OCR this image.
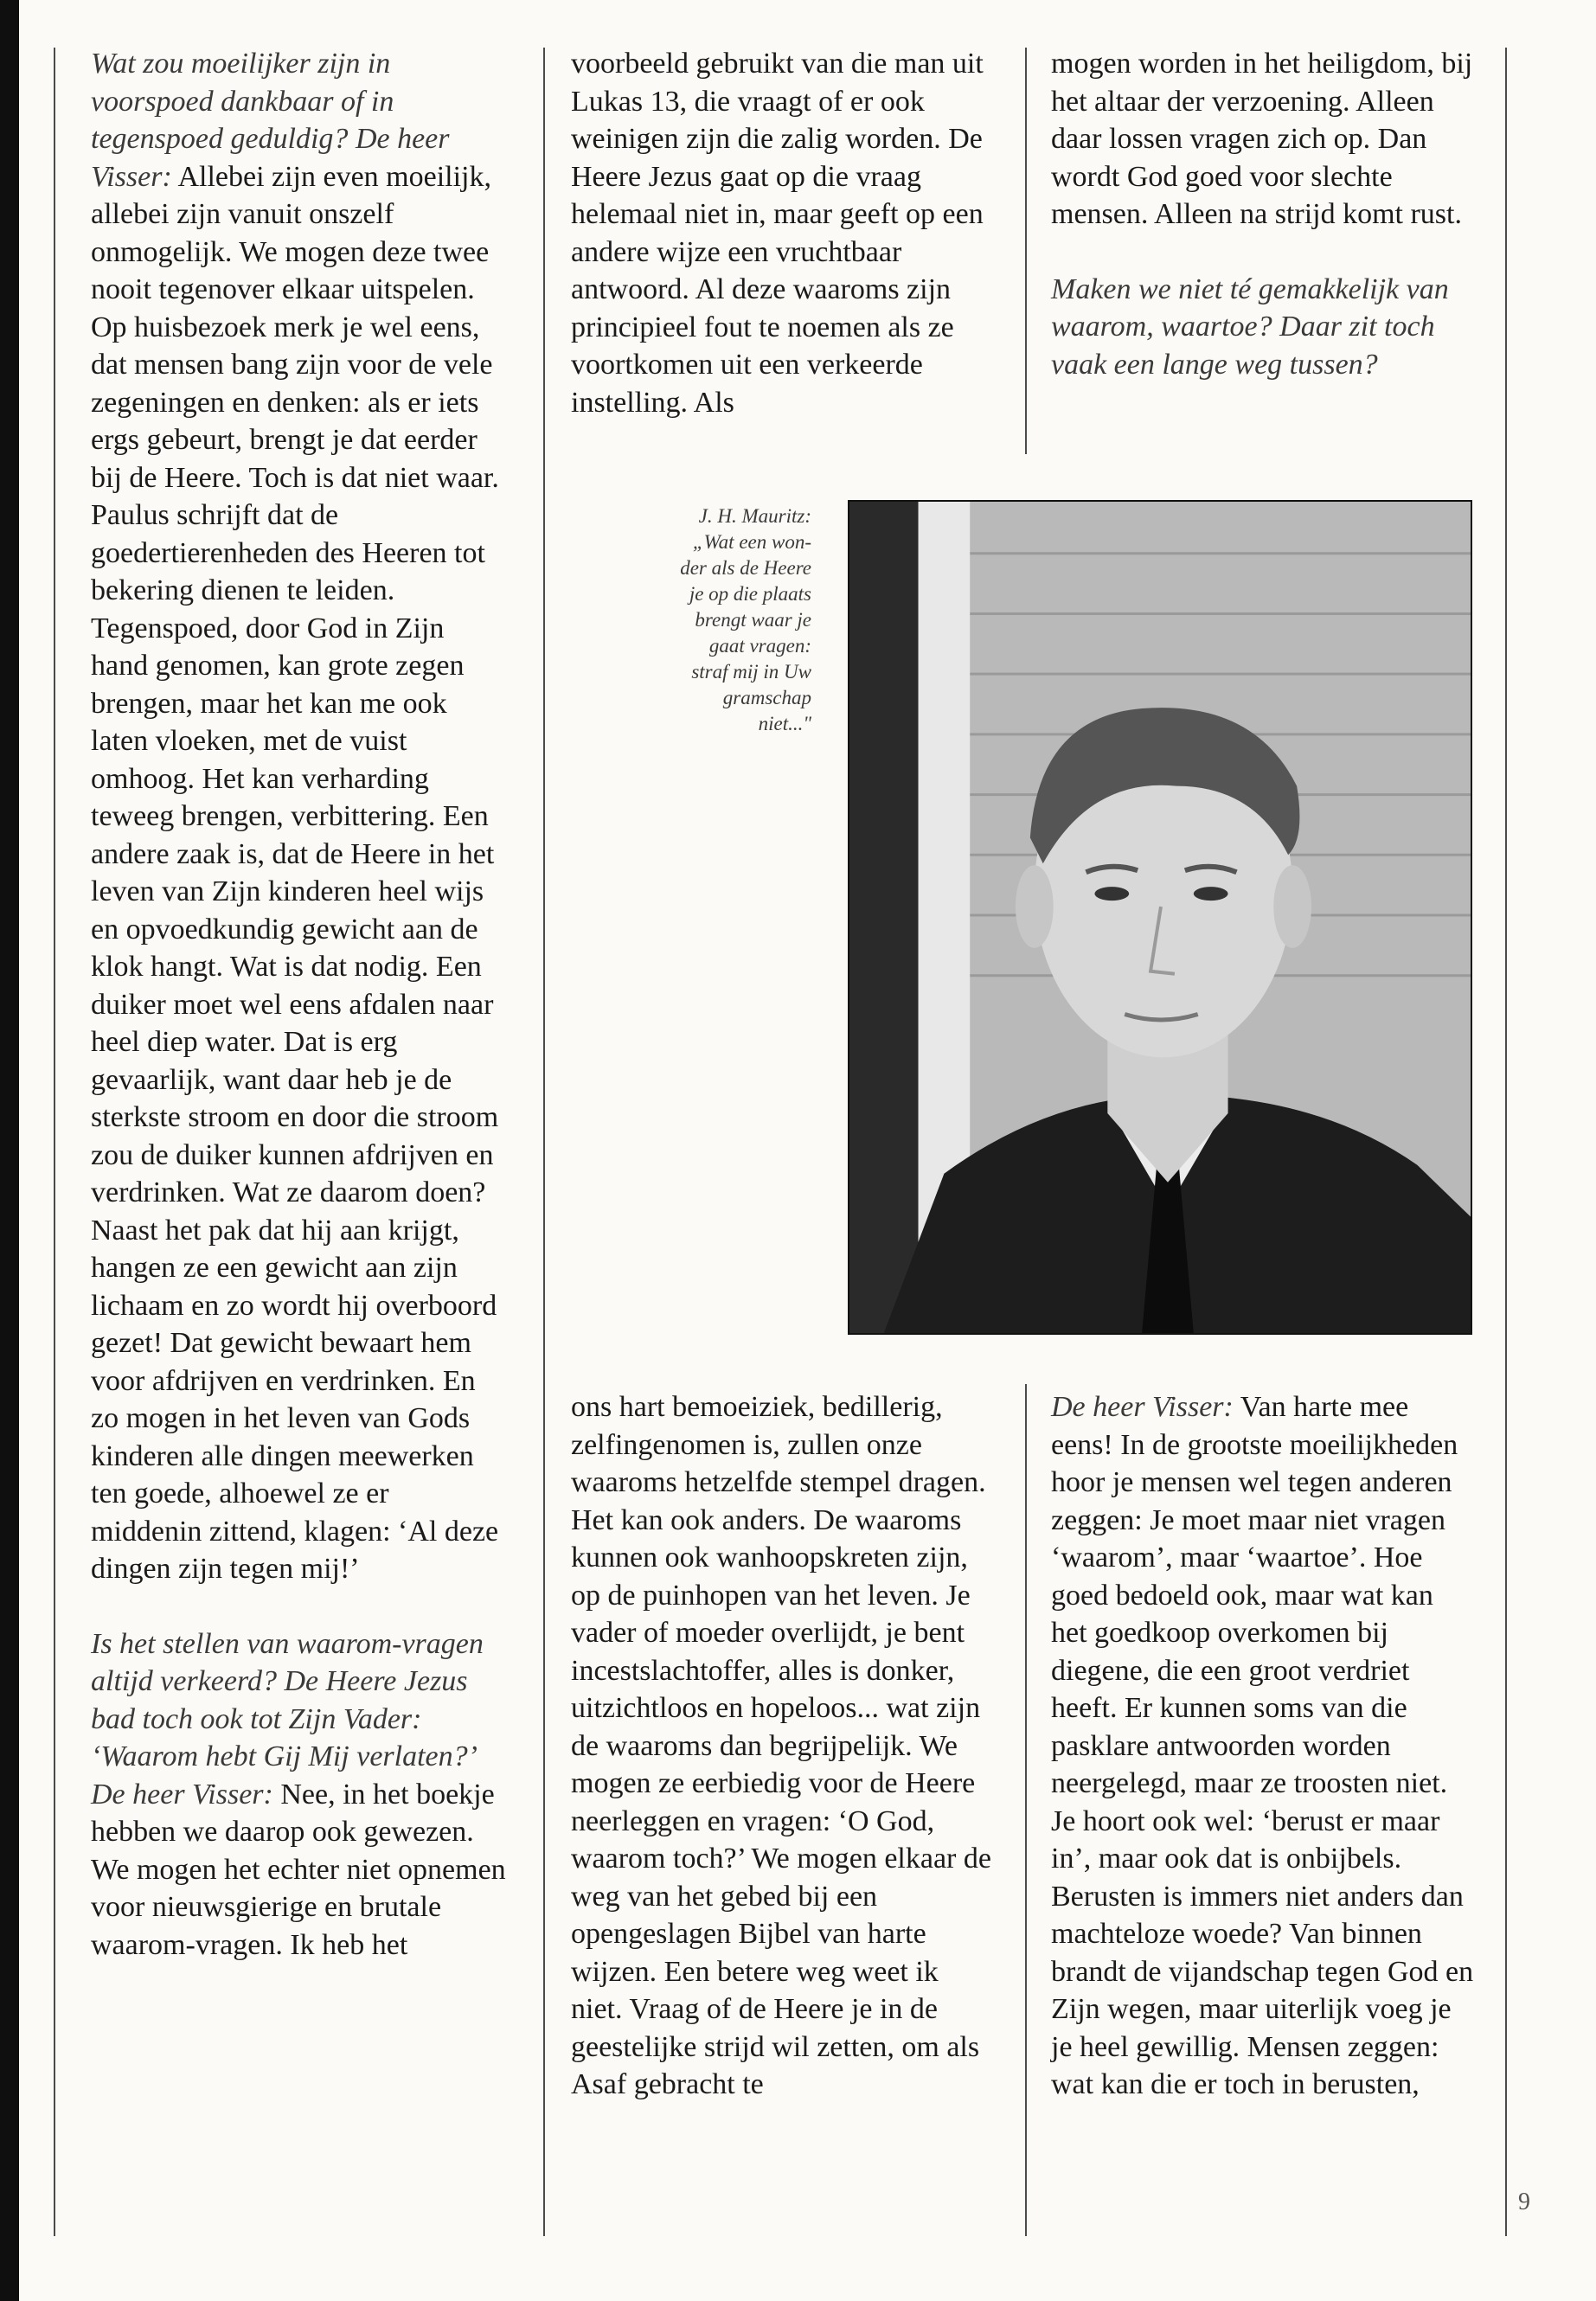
Wat zou moeilijker zijn in voorspoed dankbaar of in tegenspoed geduldig? De heer Visser: Allebei zijn even moeilijk, allebei zijn vanuit onszelf onmogelijk. We mogen deze twee nooit tegenover elkaar uitspelen. Op huisbezoek merk je wel eens, dat mensen bang zijn voor de vele zegeningen en denken: als er iets ergs gebeurt, brengt je dat eerder bij de Heere. Toch is dat niet waar. Paulus schrijft dat de goedertierenheden des Heeren tot bekering dienen te leiden. Tegenspoed, door God in Zijn hand genomen, kan grote zegen brengen, maar het kan me ook laten vloeken, met de vuist omhoog. Het kan verharding teweeg brengen, verbittering. Een andere zaak is, dat de Heere in het leven van Zijn kinderen heel wijs en opvoedkundig gewicht aan de klok hangt. Wat is dat nodig. Een duiker moet wel eens afdalen naar heel diep water. Dat is erg gevaarlijk, want daar heb je de sterkste stroom en door die stroom zou de duiker kunnen afdrijven en verdrinken. Wat ze daarom doen? Naast het pak dat hij aan krijgt, hangen ze een gewicht aan zijn lichaam en zo wordt hij overboord gezet! Dat gewicht bewaart hem voor afdrijven en verdrinken. En zo mogen in het leven van Gods kinderen alle dingen meewerken ten goede, alhoewel ze er middenin zittend, klagen: ‘Al deze dingen zijn tegen mij!’

Is het stellen van waarom-vragen altijd verkeerd? De Heere Jezus bad toch ook tot Zijn Vader: ‘Waarom hebt Gij Mij verlaten?’ De heer Visser: Nee, in het boekje hebben we daarop ook gewezen. We mogen het echter niet opnemen voor nieuwsgierige en brutale waarom-vragen. Ik heb het

voorbeeld gebruikt van die man uit Lukas 13, die vraagt of er ook weinigen zijn die zalig worden. De Heere Jezus gaat op die vraag helemaal niet in, maar geeft op een andere wijze een vruchtbaar antwoord. Al deze waaroms zijn principieel fout te noemen als ze voortkomen uit een verkeerde instelling. Als

mogen worden in het heiligdom, bij het altaar der verzoening. Alleen daar lossen vragen zich op. Dan wordt God goed voor slechte mensen. Alleen na strijd komt rust.

Maken we niet té gemakkelijk van waarom, waartoe? Daar zit toch vaak een lange weg tussen?

J. H. Mauritz:
„Wat een won-
der als de Heere
je op die plaats
brengt waar je
gaat vragen:
straf mij in Uw
gramschap
niet..."

ons hart bemoeiziek, bedillerig, zelfingenomen is, zullen onze waaroms hetzelfde stempel dragen. Het kan ook anders. De waaroms kunnen ook wanhoopskreten zijn, op de puinhopen van het leven. Je vader of moeder overlijdt, je bent incestslachtoffer, alles is donker, uitzichtloos en hopeloos... wat zijn de waaroms dan begrijpelijk. We mogen ze eerbiedig voor de Heere neerleggen en vragen: ‘O God, waarom toch?’ We mogen elkaar de weg van het gebed bij een opengeslagen Bijbel van harte wijzen. Een betere weg weet ik niet. Vraag of de Heere je in de geestelijke strijd wil zetten, om als Asaf gebracht te

De heer Visser: Van harte mee eens! In de grootste moeilijkheden hoor je mensen wel tegen anderen zeggen: Je moet maar niet vragen ‘waarom’, maar ‘waartoe’. Hoe goed bedoeld ook, maar wat kan het goedkoop overkomen bij diegene, die een groot verdriet heeft. Er kunnen soms van die pasklare antwoorden worden neergelegd, maar ze troosten niet. Je hoort ook wel: ‘berust er maar in’, maar ook dat is onbijbels. Berusten is immers niet anders dan machteloze woede? Van binnen brandt de vijandschap tegen God en Zijn wegen, maar uiterlijk voeg je je heel gewillig. Mensen zeggen: wat kan die er toch in berusten,

9
